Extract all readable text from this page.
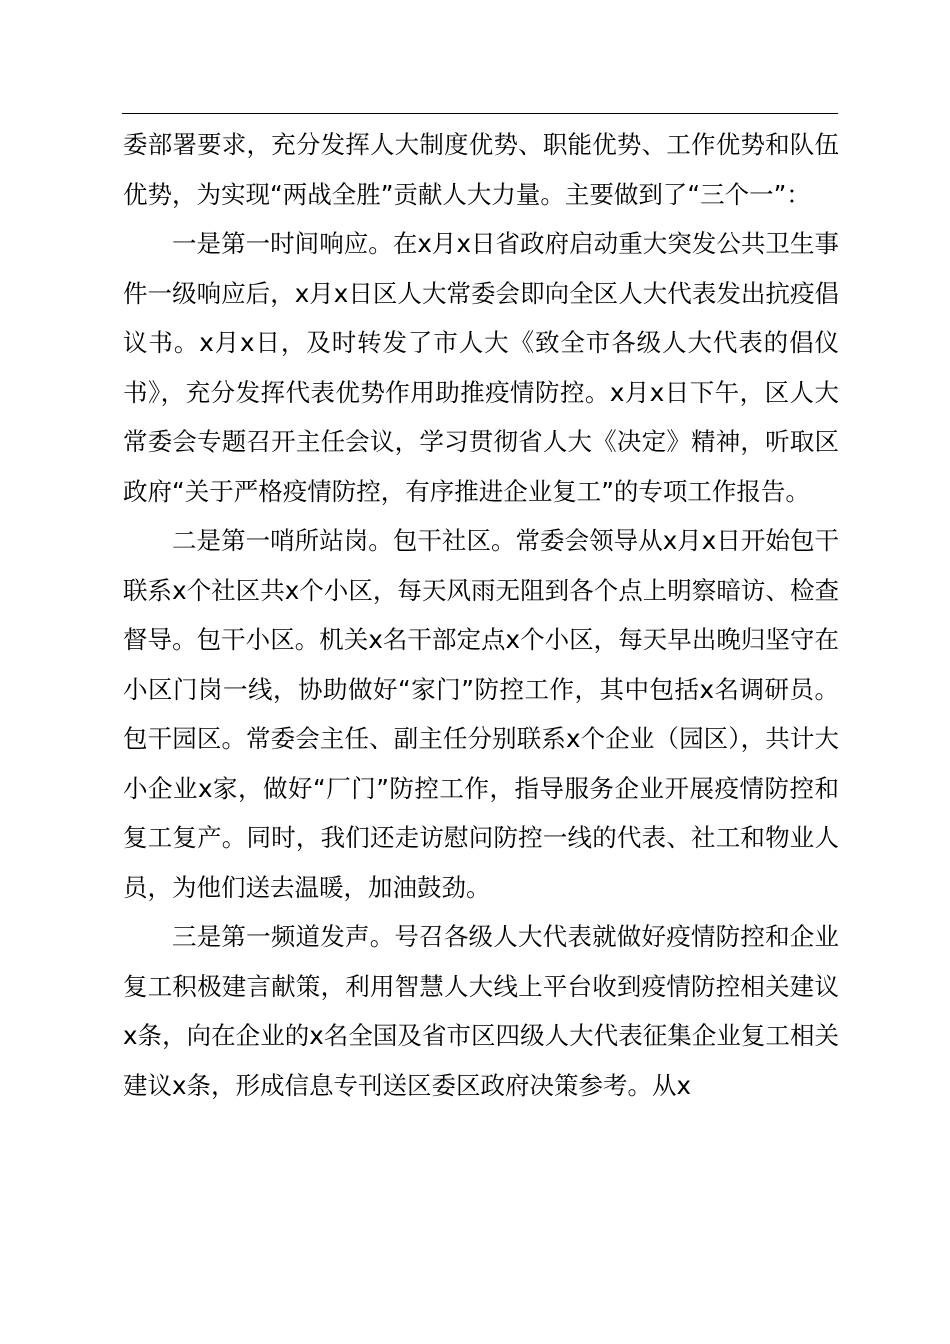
委部署要求，充分发挥人大制度优势、职能优势、工作优势和队伍优势，为实现“两战全胜”贡献人大力量。主要做到了“三个一”：

一是第一时间响应。在x月x日省政府启动重大突发公共卫生事件一级响应后，x月x日区人大常委会即向全区人大代表发出抗疫倡议书。x月x日，及时转发了市人大《致全市各级人大代表的倡仪书》，充分发挥代表优势作用助推疫情防控。x月x日下午，区人大常委会专题召开主任会议，学习贯彻省人大《决定》精神，听取区政府“关于严格疫情防控，有序推进企业复工”的专项工作报告。

二是第一哨所站岗。包干社区。常委会领导从x月x日开始包干联系x个社区共x个小区，每天风雨无阻到各个点上明察暗访、检查督导。包干小区。机关x名干部定点x个小区，每天早出晚归坚守在小区门岗一线，协助做好“家门”防控工作，其中包括x名调研员。包干园区。常委会主任、副主任分别联系x个企业（园区），共计大小企业x家，做好“厂门”防控工作，指导服务企业开展疫情防控和复工复产。同时，我们还走访慰问防控一线的代表、社工和物业人员，为他们送去温暖，加油鼓劲。

三是第一频道发声。号召各级人大代表就做好疫情防控和企业复工积极建言献策，利用智慧人大线上平台收到疫情防控相关建议x条，向在企业的x名全国及省市区四级人大代表征集企业复工相关建议x条，形成信息专刊送区委区政府决策参考。从x
